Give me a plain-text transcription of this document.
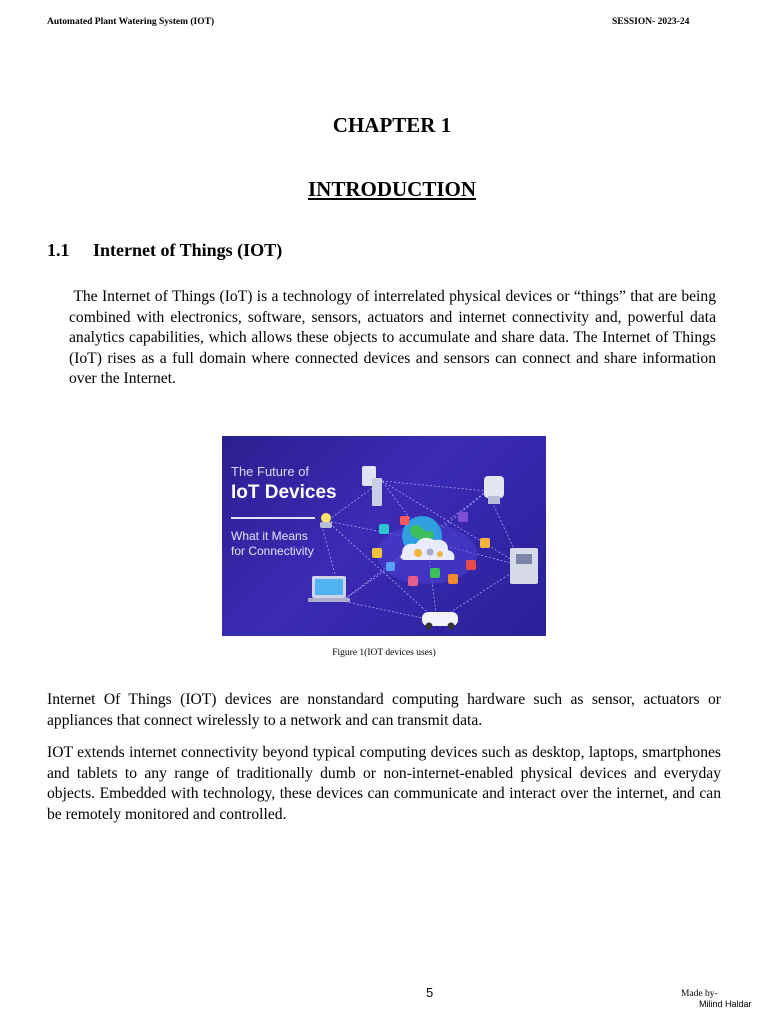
Automated Plant Watering System (IOT)	SESSION- 2023-24
CHAPTER 1
INTRODUCTION
1.1	Internet of Things (IOT)

The Internet of Things (IoT) is a technology of interrelated physical devices or “things” that are being combined with electronics, software, sensors, actuators and internet connectivity and, powerful data analytics capabilities, which allows these objects to accumulate and share data. The Internet of Things (IoT) rises as a full domain where connected devices and sensors can connect and share information over the Internet.

The Future of
IoT Devices
What it Means for Connectivity
Figure 1(IOT devices uses)

Internet Of Things (IOT) devices are nonstandard computing hardware such as sensor, actuators or appliances that connect wirelessly to a network and can transmit data.

IOT extends internet connectivity beyond typical computing devices such as desktop, laptops, smartphones and tablets to any range of traditionally dumb or non-internet-enabled physical devices and everyday objects. Embedded with technology, these devices can communicate and interact over the internet, and can be remotely monitored and controlled.

5	Made by-
Milind Haldar
